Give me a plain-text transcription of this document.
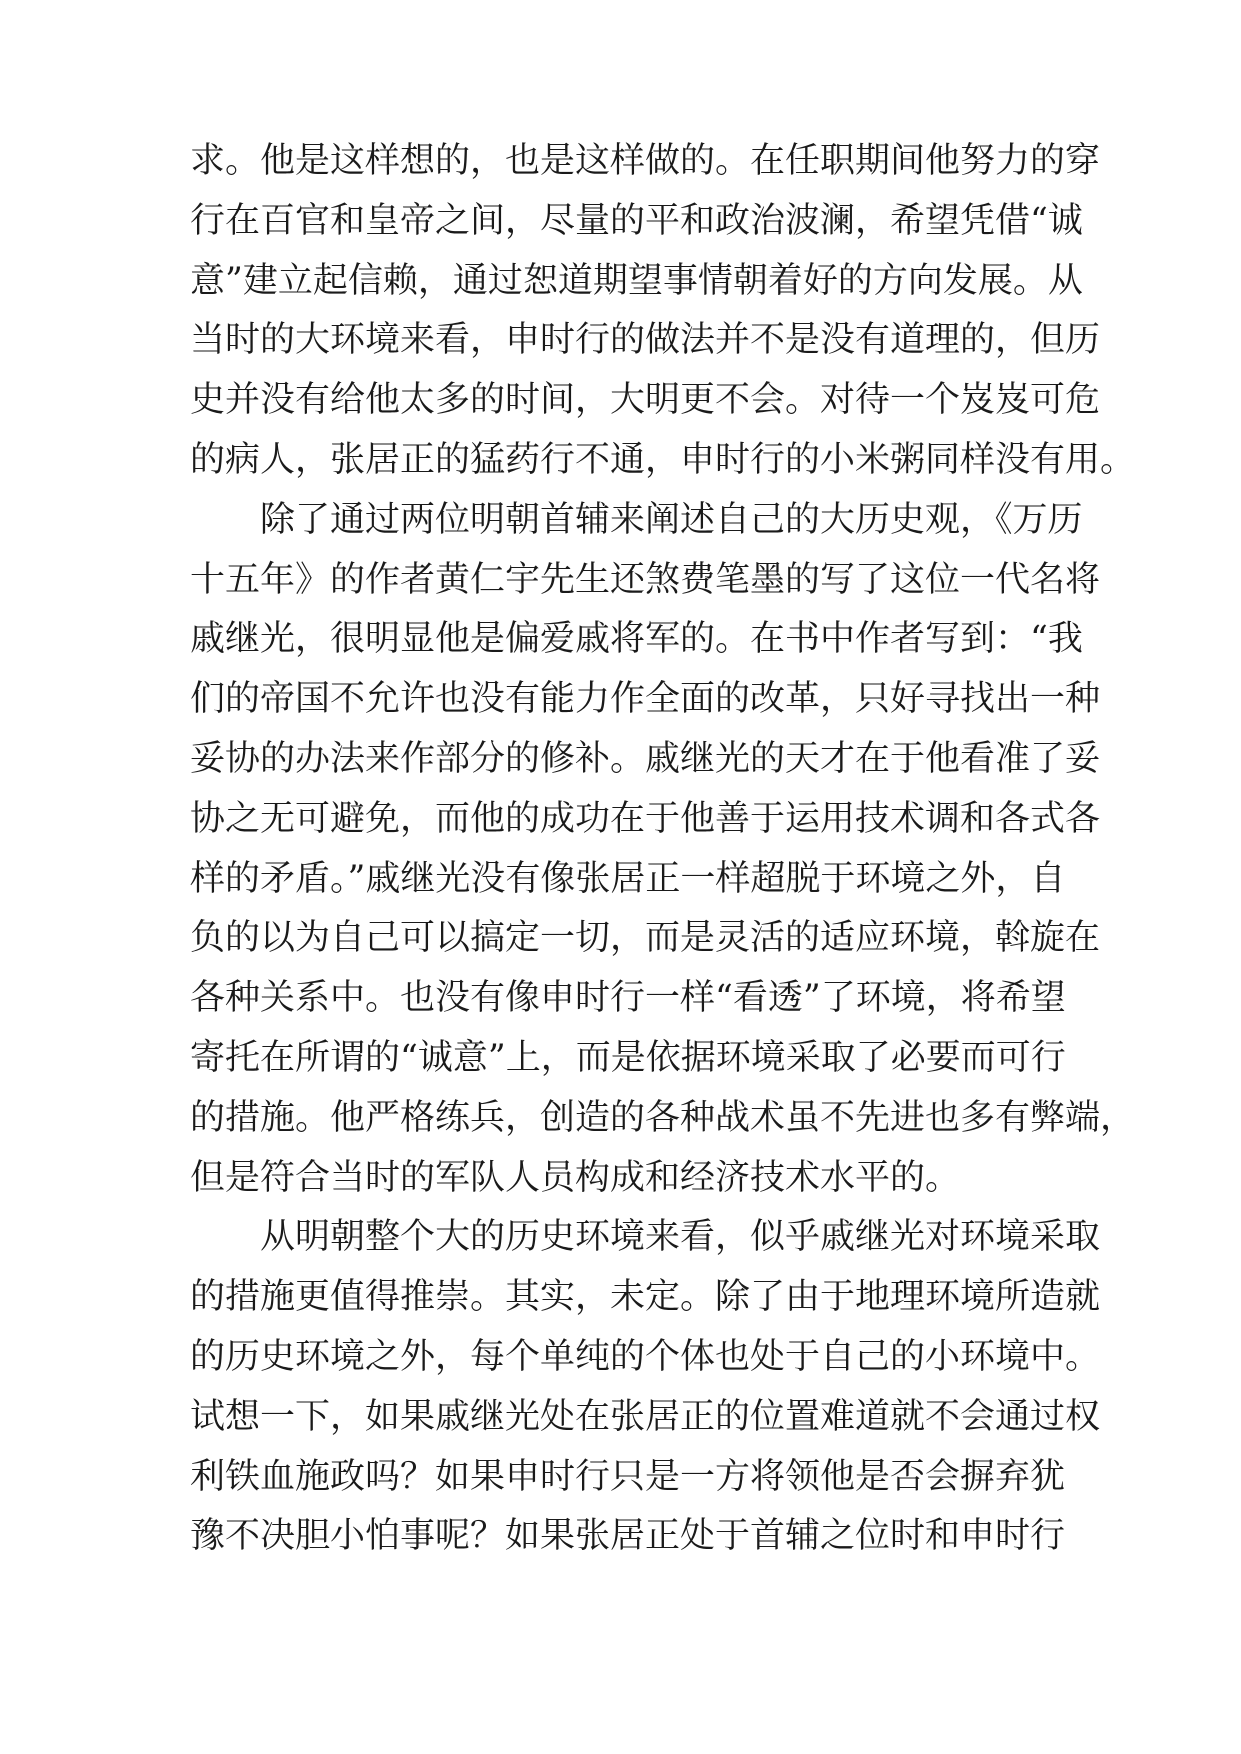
求。他是这样想的，也是这样做的。在任职期间他努力的穿
行在百官和皇帝之间，尽量的平和政治波澜，希望凭借“诚
意”建立起信赖，通过恕道期望事情朝着好的方向发展。从
当时的大环境来看，申时行的做法并不是没有道理的，但历
史并没有给他太多的时间，大明更不会。对待一个岌岌可危
的病人，张居正的猛药行不通，申时行的小米粥同样没有用。
除了通过两位明朝首辅来阐述自己的大历史观，《万历
十五年》的作者黄仁宇先生还煞费笔墨的写了这位一代名将
戚继光，很明显他是偏爱戚将军的。在书中作者写到：“我
们的帝国不允许也没有能力作全面的改革，只好寻找出一种
妥协的办法来作部分的修补。戚继光的天才在于他看准了妥
协之无可避免，而他的成功在于他善于运用技术调和各式各
样的矛盾。”戚继光没有像张居正一样超脱于环境之外，自
负的以为自己可以搞定一切，而是灵活的适应环境，斡旋在
各种关系中。也没有像申时行一样“看透”了环境，将希望
寄托在所谓的“诚意”上，而是依据环境采取了必要而可行
的措施。他严格练兵，创造的各种战术虽不先进也多有弊端，
但是符合当时的军队人员构成和经济技术水平的。
从明朝整个大的历史环境来看，似乎戚继光对环境采取
的措施更值得推崇。其实，未定。除了由于地理环境所造就
的历史环境之外，每个单纯的个体也处于自己的小环境中。
试想一下，如果戚继光处在张居正的位置难道就不会通过权
利铁血施政吗？如果申时行只是一方将领他是否会摒弃犹
豫不决胆小怕事呢？如果张居正处于首辅之位时和申时行
